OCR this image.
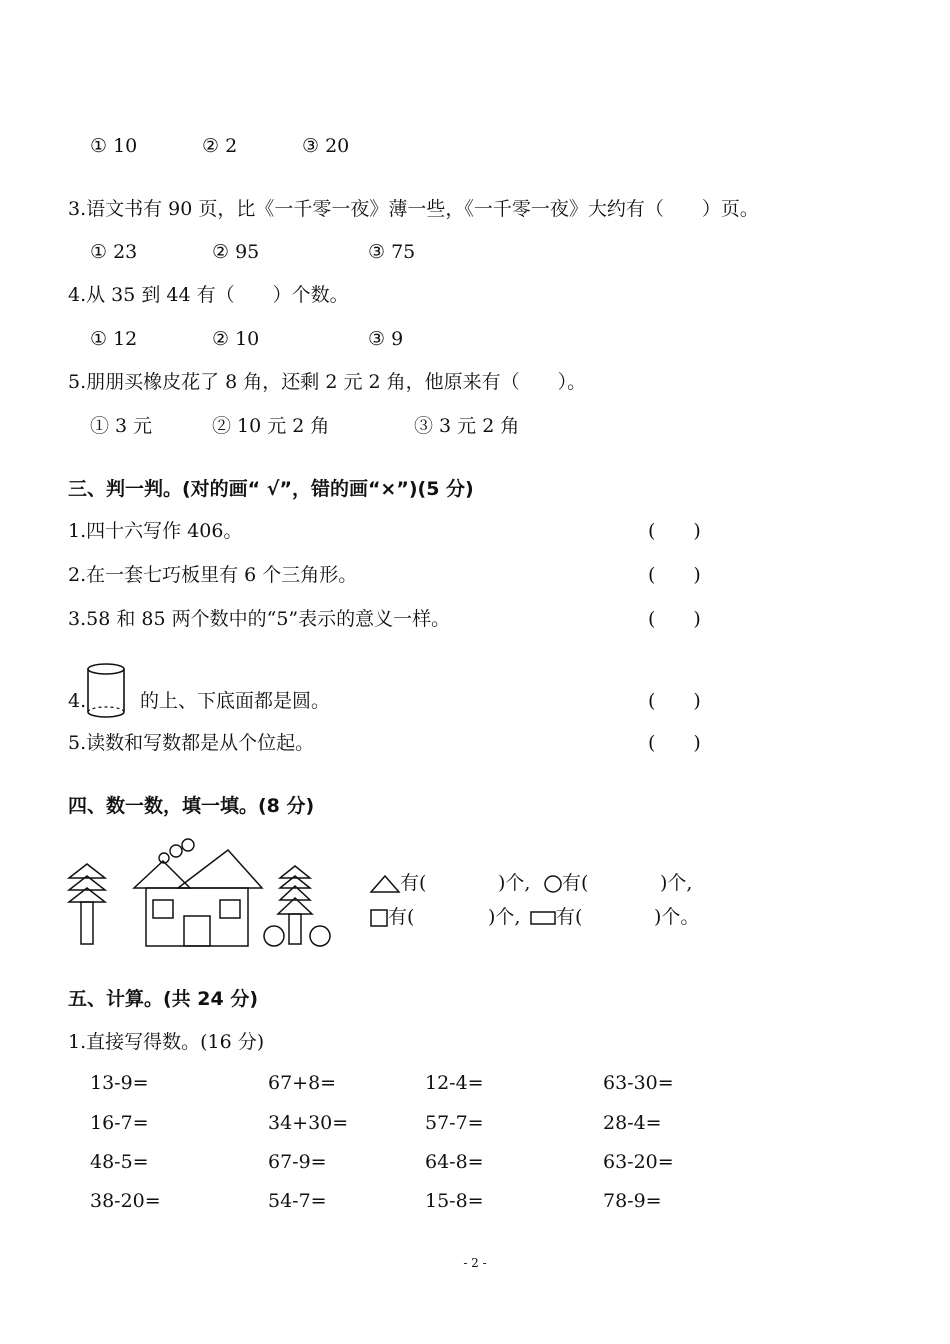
① 10	② 2	③ 20
3.语文书有 90 页，比《一千零一夜》薄一些，《一千零一夜》大约有（　　）页。
① 23	② 95	③ 75
4.从 35 到 44 有（　　）个数。
① 12	② 10	③ 9
5.朋朋买橡皮花了 8 角，还剩 2 元 2 角，他原来有（　　）。
① 3 元	② 10 元 2 角	③ 3 元 2 角
三、判一判。(对的画“ √”，错的画“×”)(5 分)
1.四十六写作 406。	(　　)
2.在一套七巧板里有 6 个三角形。	(　　)
3.58 和 85 两个数中的“5”表示的意义一样。	(　　)
4.	的上、下底面都是圆。	(　　)
5.读数和写数都是从个位起。	(　　)
四、数一数，填一填。(8 分)
有(	)个, 有(	)个,
有(	)个, 有(	)个。
五、计算。(共 24 分)
1.直接写得数。(16 分)
13-9=	67+8=	12-4=	63-30=
16-7=	34+30=	57-7=	28-4=
48-5=	67-9=	64-8=	63-20=
38-20=	54-7=	15-8=	78-9=
- 2 -
